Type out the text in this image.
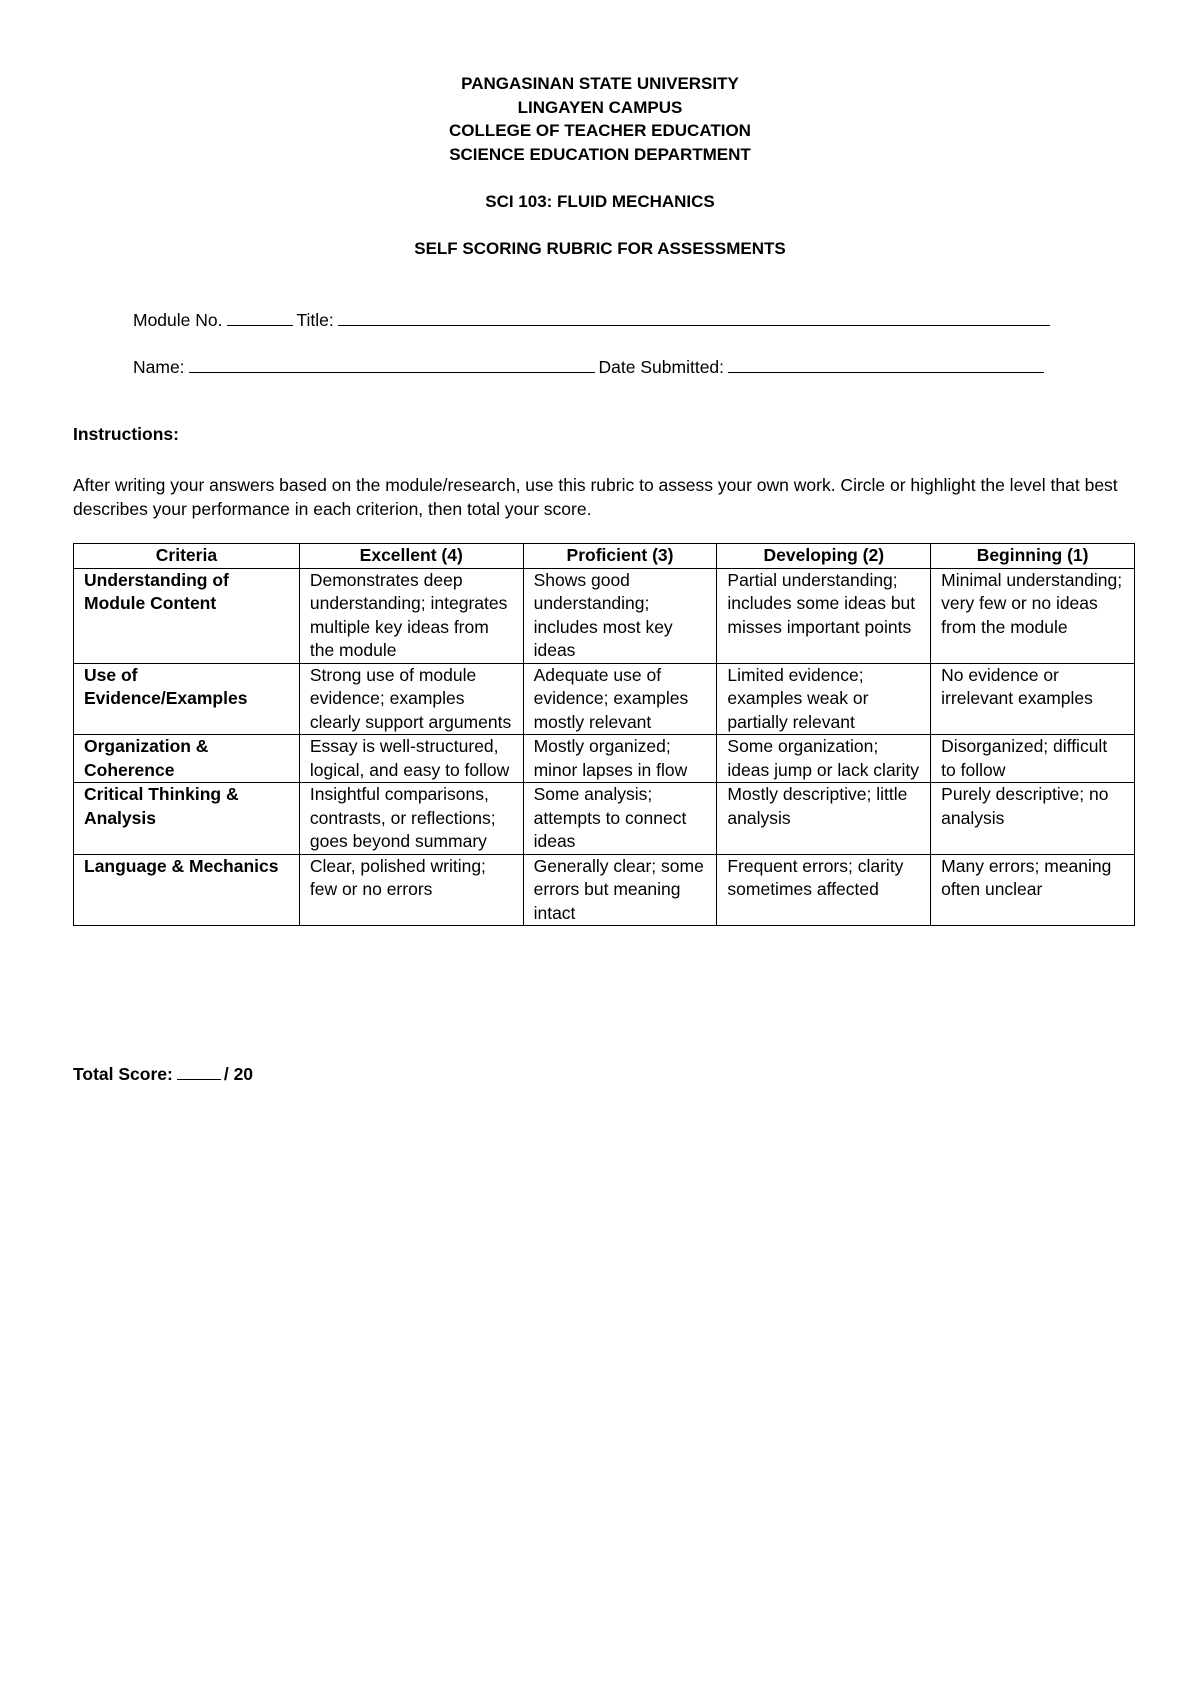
PANGASINAN STATE UNIVERSITY
LINGAYEN CAMPUS
COLLEGE OF TEACHER EDUCATION
SCIENCE EDUCATION DEPARTMENT
SCI 103: FLUID MECHANICS
SELF SCORING RUBRIC FOR ASSESSMENTS
Module No.	Title:
Name:	Date Submitted:
Instructions:
After writing your answers based on the module/research, use this rubric to assess your own work. Circle or highlight the level that best describes your performance in each criterion, then total your score.
Criteria	Excellent (4)	Proficient (3)	Developing (2)	Beginning (1)
Understanding of Module Content	Demonstrates deep understanding; integrates multiple key ideas from the module	Shows good understanding; includes most key ideas	Partial understanding; includes some ideas but misses important points	Minimal understanding; very few or no ideas from the module
Use of Evidence/Examples	Strong use of module evidence; examples clearly support arguments	Adequate use of evidence; examples mostly relevant	Limited evidence; examples weak or partially relevant	No evidence or irrelevant examples
Organization & Coherence	Essay is well-structured, logical, and easy to follow	Mostly organized; minor lapses in flow	Some organization; ideas jump or lack clarity	Disorganized; difficult to follow
Critical Thinking & Analysis	Insightful comparisons, contrasts, or reflections; goes beyond summary	Some analysis; attempts to connect ideas	Mostly descriptive; little analysis	Purely descriptive; no analysis
Language & Mechanics	Clear, polished writing; few or no errors	Generally clear; some errors but meaning intact	Frequent errors; clarity sometimes affected	Many errors; meaning often unclear
Total Score:	/ 20
